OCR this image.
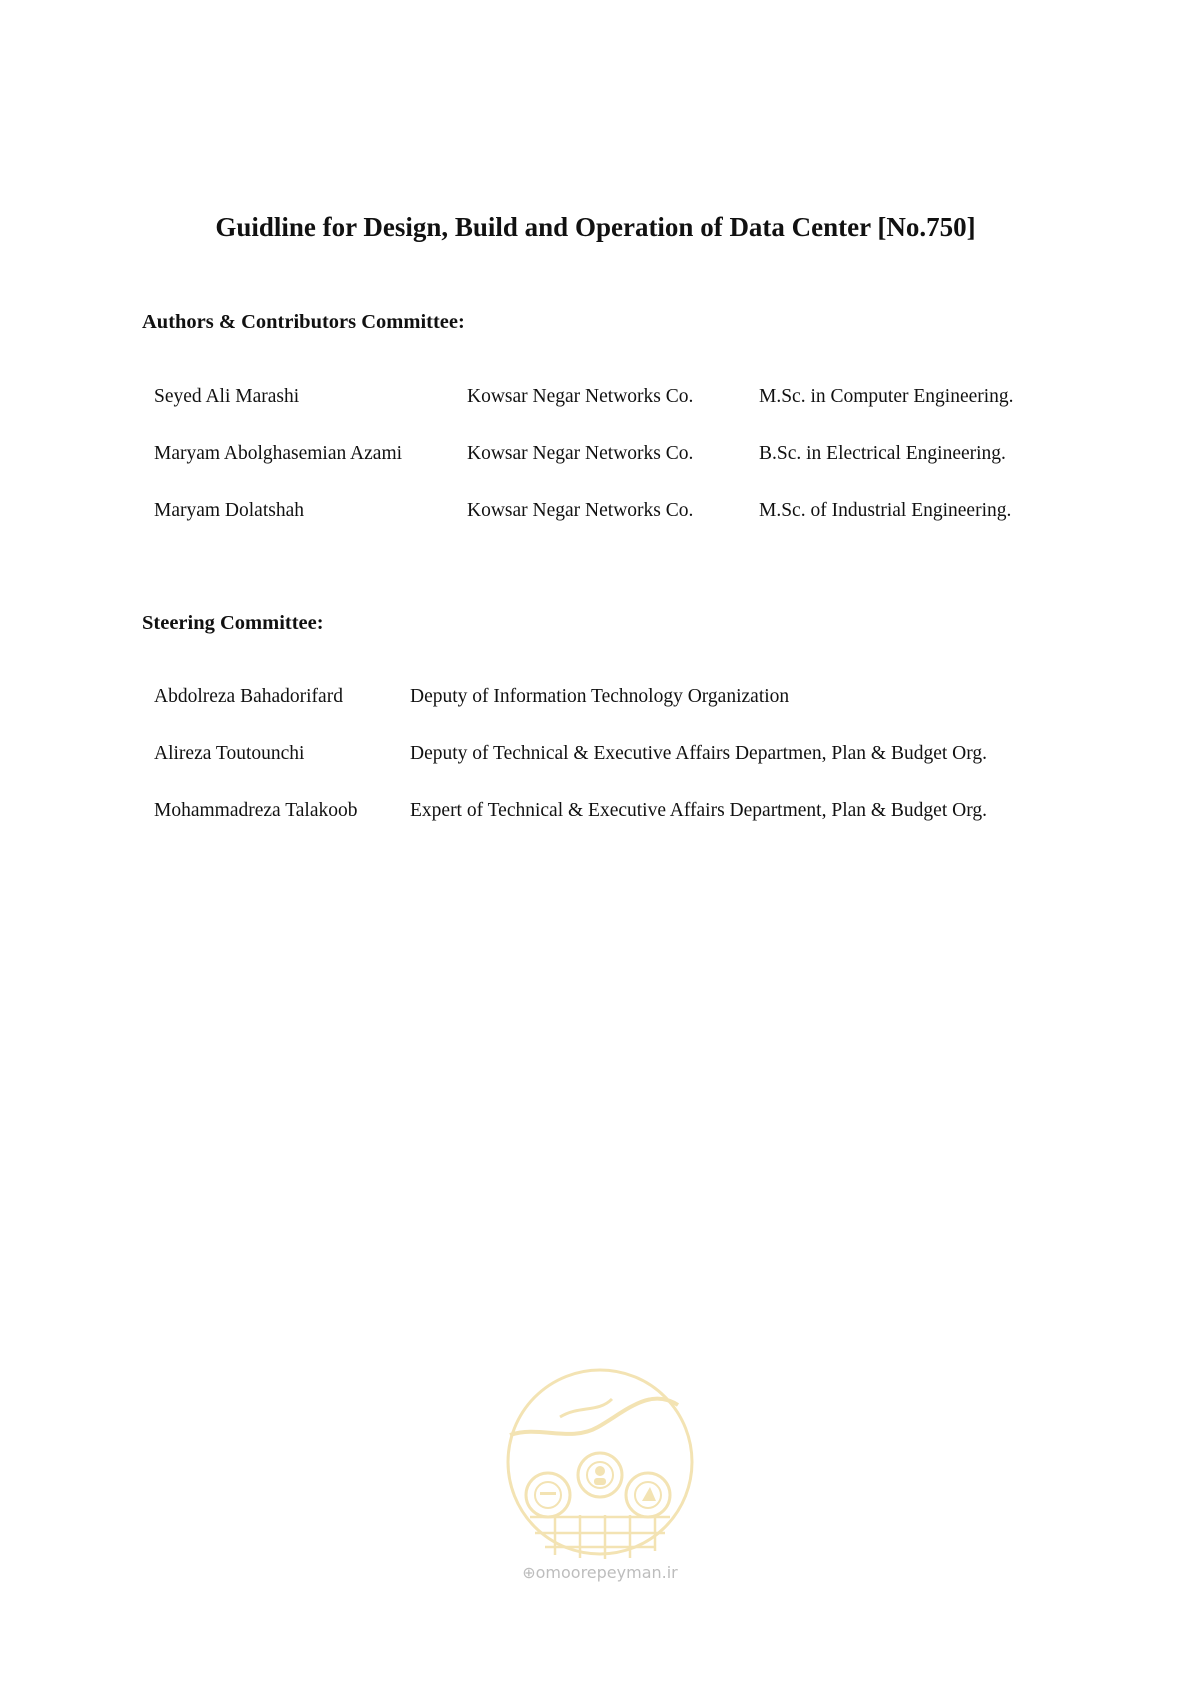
Guidline for Design, Build and Operation of Data Center [No.750]
Authors & Contributors Committee:
Seyed Ali Marashi	Kowsar Negar Networks Co.	M.Sc. in Computer Engineering.
Maryam Abolghasemian Azami	Kowsar Negar Networks Co.	B.Sc. in Electrical Engineering.
Maryam Dolatshah	Kowsar Negar Networks Co.	M.Sc. of Industrial Engineering.
Steering Committee:
Abdolreza Bahadorifard	Deputy of Information Technology Organization
Alireza Toutounchi	Deputy of Technical & Executive Affairs Departmen, Plan & Budget Org.
Mohammadreza Talakoob	Expert of Technical & Executive Affairs Department, Plan & Budget Org.
⊕omoorepeyman.ir
